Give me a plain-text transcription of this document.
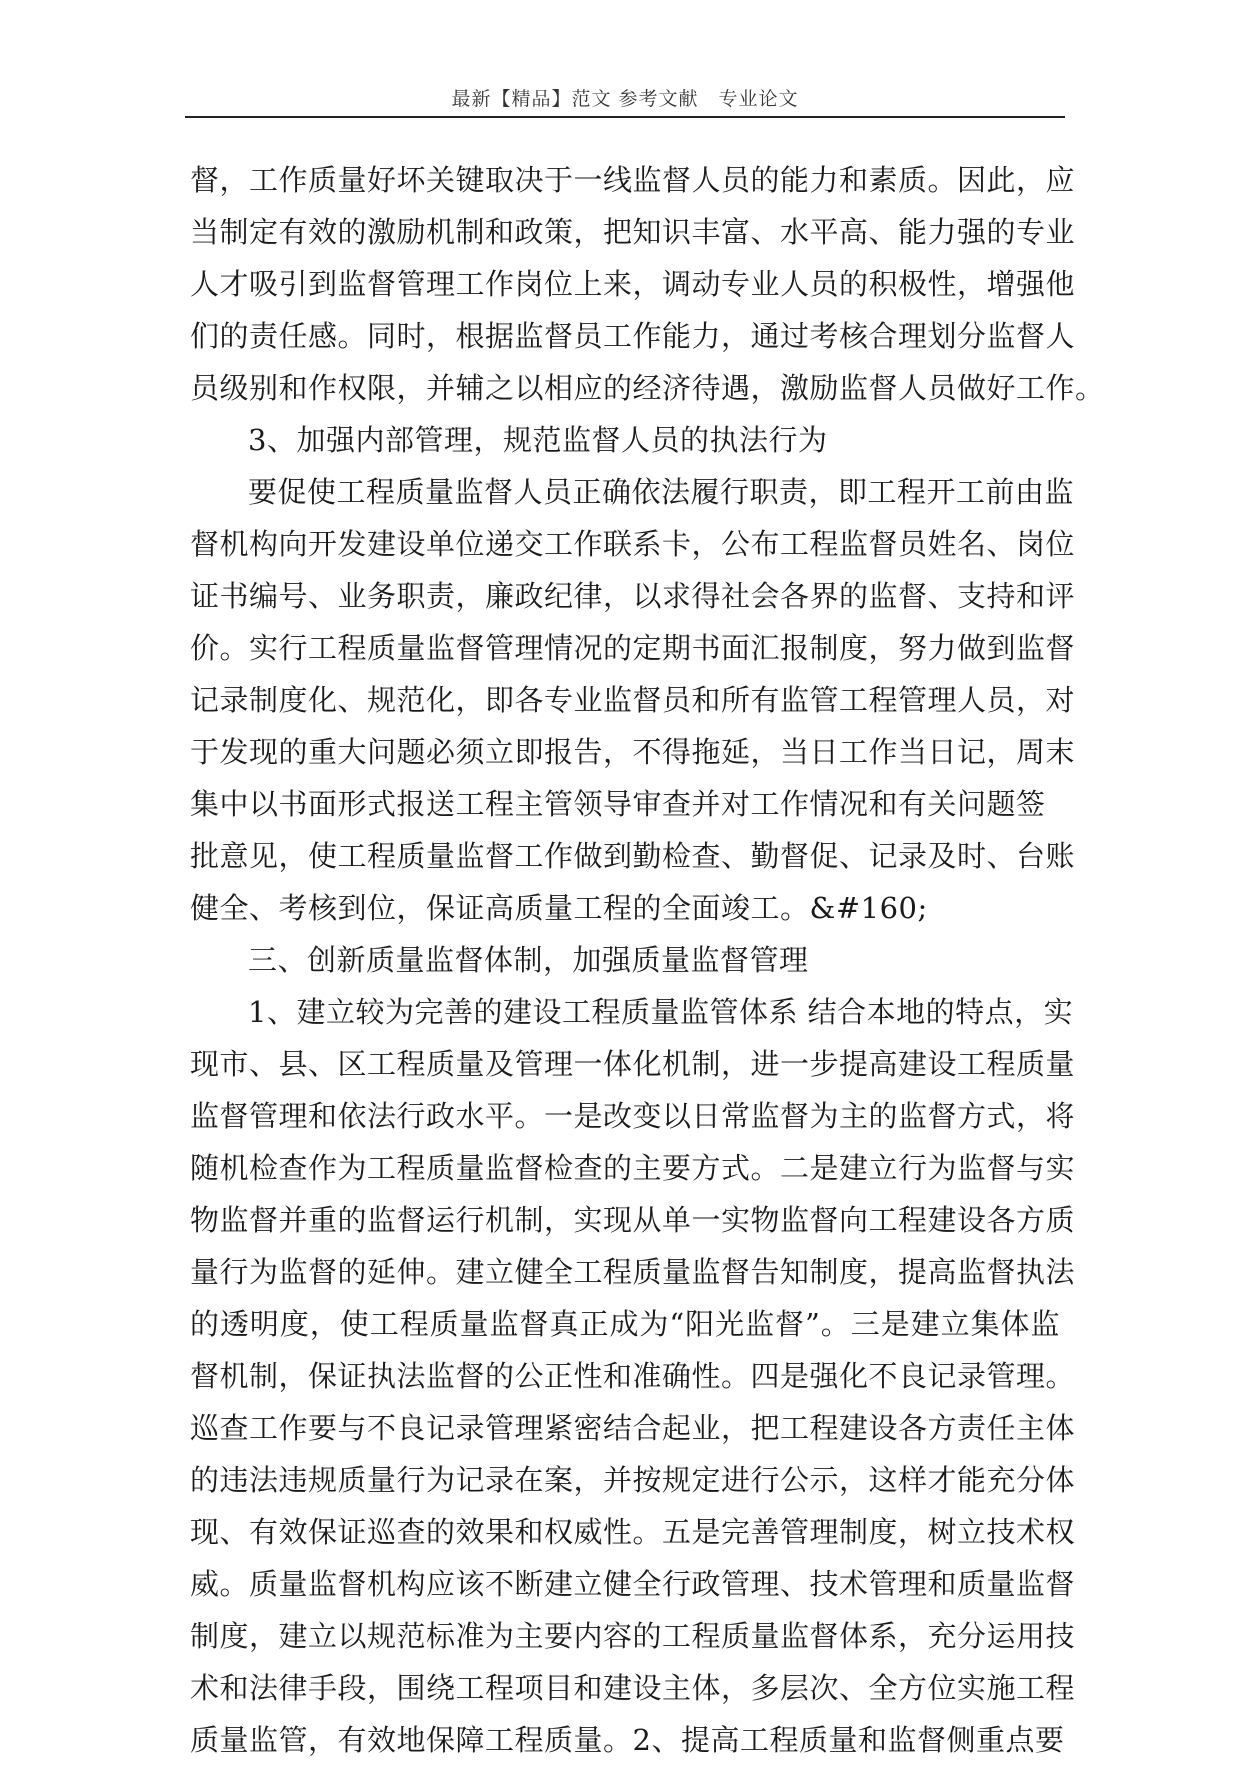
最新【精品】范文 参考文献　专业论文
督，工作质量好坏关键取决于一线监督人员的能力和素质。因此，应
当制定有效的激励机制和政策，把知识丰富、水平高、能力强的专业
人才吸引到监督管理工作岗位上来，调动专业人员的积极性，增强他
们的责任感。同时，根据监督员工作能力，通过考核合理划分监督人
员级别和作权限，并辅之以相应的经济待遇，激励监督人员做好工作。
3、加强内部管理，规范监督人员的执法行为
要促使工程质量监督人员正确依法履行职责，即工程开工前由监
督机构向开发建设单位递交工作联系卡，公布工程监督员姓名、岗位
证书编号、业务职责，廉政纪律，以求得社会各界的监督、支持和评
价。实行工程质量监督管理情况的定期书面汇报制度，努力做到监督
记录制度化、规范化，即各专业监督员和所有监管工程管理人员，对
于发现的重大问题必须立即报告，不得拖延，当日工作当日记，周末
集中以书面形式报送工程主管领导审查并对工作情况和有关问题签
批意见，使工程质量监督工作做到勤检查、勤督促、记录及时、台账
健全、考核到位，保证高质量工程的全面竣工。&#160;
三、创新质量监督体制，加强质量监督管理
1、建立较为完善的建设工程质量监管体系 结合本地的特点，实
现市、县、区工程质量及管理一体化机制，进一步提高建设工程质量
监督管理和依法行政水平。一是改变以日常监督为主的监督方式，将
随机检查作为工程质量监督检查的主要方式。二是建立行为监督与实
物监督并重的监督运行机制，实现从单一实物监督向工程建设各方质
量行为监督的延伸。建立健全工程质量监督告知制度，提高监督执法
的透明度，使工程质量监督真正成为“阳光监督”。三是建立集体监
督机制，保证执法监督的公正性和准确性。四是强化不良记录管理。
巡查工作要与不良记录管理紧密结合起业，把工程建设各方责任主体
的违法违规质量行为记录在案，并按规定进行公示，这样才能充分体
现、有效保证巡查的效果和权威性。五是完善管理制度，树立技术权
威。质量监督机构应该不断建立健全行政管理、技术管理和质量监督
制度，建立以规范标准为主要内容的工程质量监督体系，充分运用技
术和法律手段，围绕工程项目和建设主体，多层次、全方位实施工程
质量监管，有效地保障工程质量。2、提高工程质量和监督侧重点要
